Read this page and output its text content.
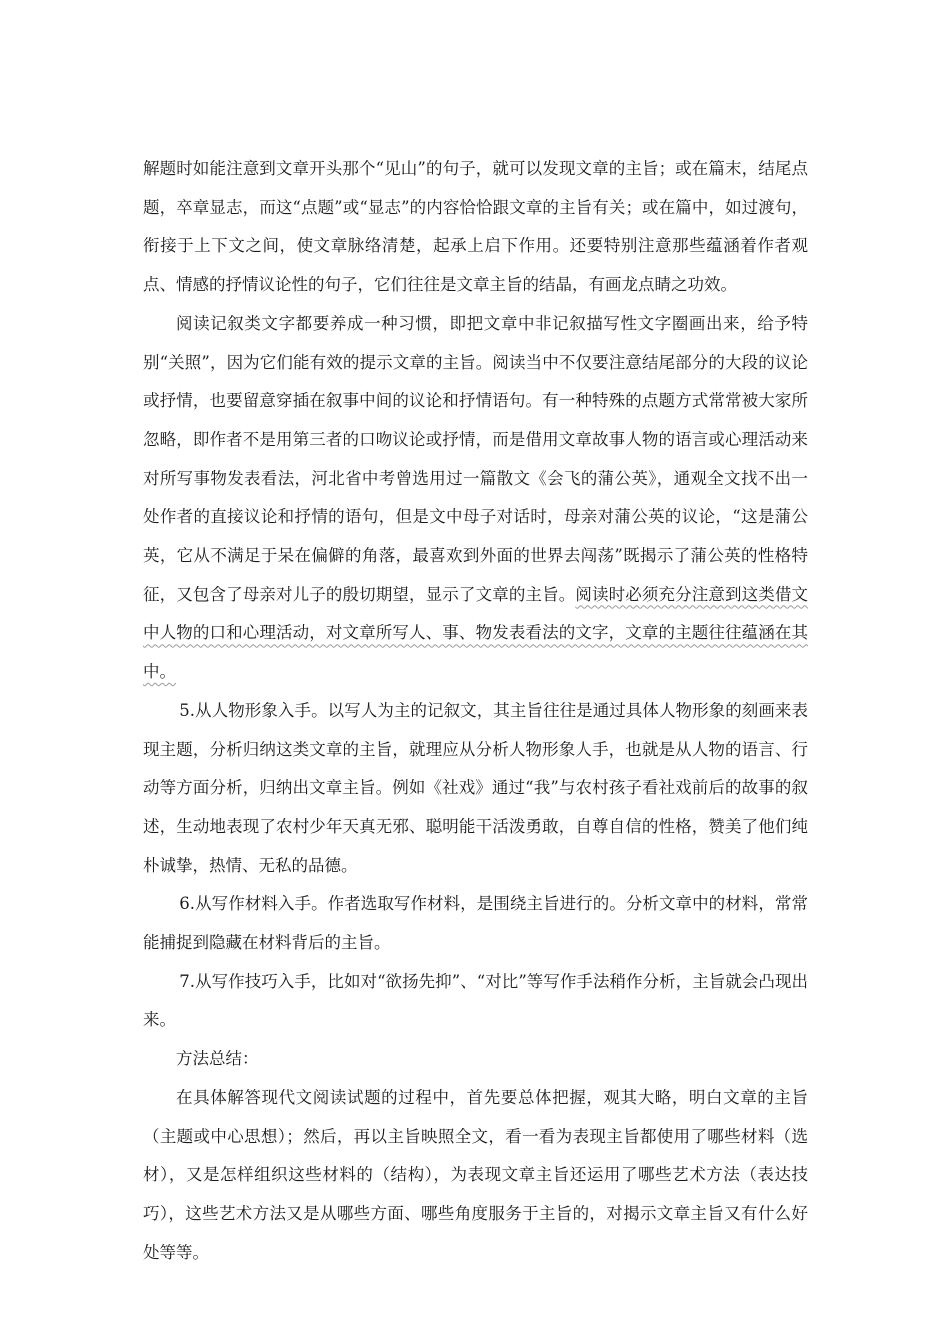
解题时如能注意到文章开头那个“见山”的句子，就可以发现文章的主旨；或在篇末，结尾点题，卒章显志，而这“点题”或“显志”的内容恰恰跟文章的主旨有关；或在篇中，如过渡句，衔接于上下文之间，使文章脉络清楚，起承上启下作用。还要特别注意那些蕴涵着作者观点、情感的抒情议论性的句子，它们往往是文章主旨的结晶，有画龙点睛之功效。

阅读记叙类文字都要养成一种习惯，即把文章中非记叙描写性文字圈画出来，给予特别“关照”，因为它们能有效的提示文章的主旨。阅读当中不仅要注意结尾部分的大段的议论或抒情，也要留意穿插在叙事中间的议论和抒情语句。有一种特殊的点题方式常常被大家所忽略，即作者不是用第三者的口吻议论或抒情，而是借用文章故事人物的语言或心理活动来对所写事物发表看法，河北省中考曾选用过一篇散文《会飞的蒲公英》，通观全文找不出一处作者的直接议论和抒情的语句，但是文中母子对话时，母亲对蒲公英的议论，“这是蒲公英，它从不满足于呆在偏僻的角落，最喜欢到外面的世界去闯荡”既揭示了蒲公英的性格特征，又包含了母亲对儿子的殷切期望，显示了文章的主旨。阅读时必须充分注意到这类借文中人物的口和心理活动，对文章所写人、事、物发表看法的文字，文章的主题往往蕴涵在其中。

5.从人物形象入手。以写人为主的记叙文，其主旨往往是通过具体人物形象的刻画来表现主题，分析归纳这类文章的主旨，就理应从分析人物形象人手，也就是从人物的语言、行动等方面分析，归纳出文章主旨。例如《社戏》通过“我”与农村孩子看社戏前后的故事的叙述，生动地表现了农村少年天真无邪、聪明能干活泼勇敢，自尊自信的性格，赞美了他们纯朴诚挚，热情、无私的品德。

6.从写作材料入手。作者选取写作材料，是围绕主旨进行的。分析文章中的材料，常常能捕捉到隐藏在材料背后的主旨。

7.从写作技巧入手，比如对“欲扬先抑”、“对比”等写作手法稍作分析，主旨就会凸现出来。

方法总结：

在具体解答现代文阅读试题的过程中，首先要总体把握，观其大略，明白文章的主旨（主题或中心思想）；然后，再以主旨映照全文，看一看为表现主旨都使用了哪些材料（选材），又是怎样组织这些材料的（结构），为表现文章主旨还运用了哪些艺术方法（表达技巧），这些艺术方法又是从哪些方面、哪些角度服务于主旨的，对揭示文章主旨又有什么好处等等。
